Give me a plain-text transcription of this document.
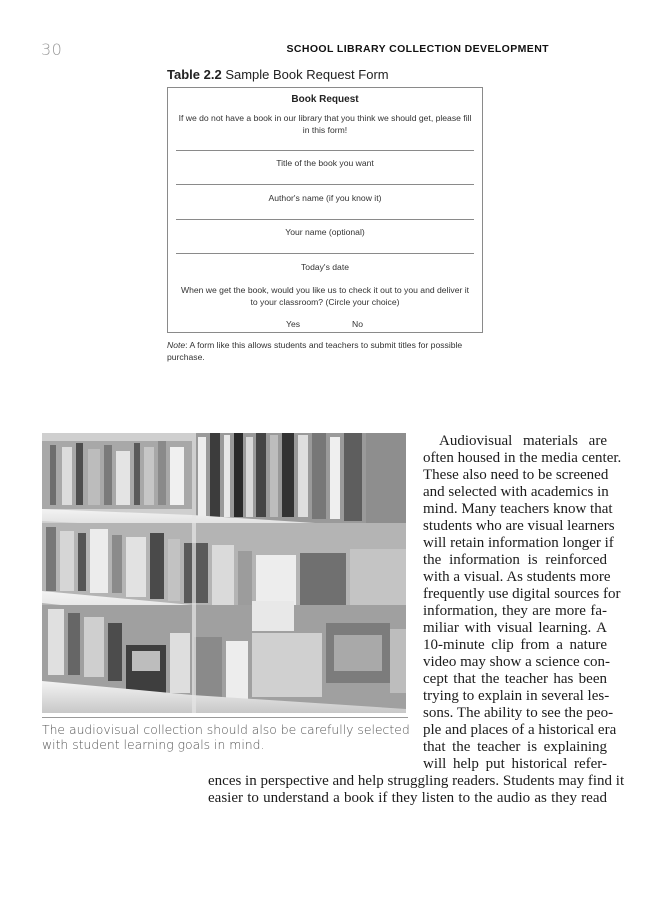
30	SCHOOL LIBRARY COLLECTION DEVELOPMENT
Table 2.2 Sample Book Request Form
Book Request
If we do not have a book in our library that you think we should get, please fill in this form!
Title of the book you want
Author's name (if you know it)
Your name (optional)
Today's date
When we get the book, would you like us to check it out to you and deliver it to your classroom? (Circle your choice)
Yes	No
Note: A form like this allows students and teachers to submit titles for possible purchase.
The audiovisual collection should also be carefully selected with student learning goals in mind.
Audiovisual materials are
often housed in the media center.
These also need to be screened
and selected with academics in
mind. Many teachers know that
students who are visual learners
will retain information longer if
the information is reinforced
with a visual. As students more
frequently use digital sources for
information, they are more fa-
miliar with visual learning. A
10-minute clip from a nature
video may show a science con-
cept that the teacher has been
trying to explain in several les-
sons. The ability to see the peo-
ple and places of a historical era
that the teacher is explaining
will help put historical refer-
ences in perspective and help struggling readers. Students may find it
easier to understand a book if they listen to the audio as they read
